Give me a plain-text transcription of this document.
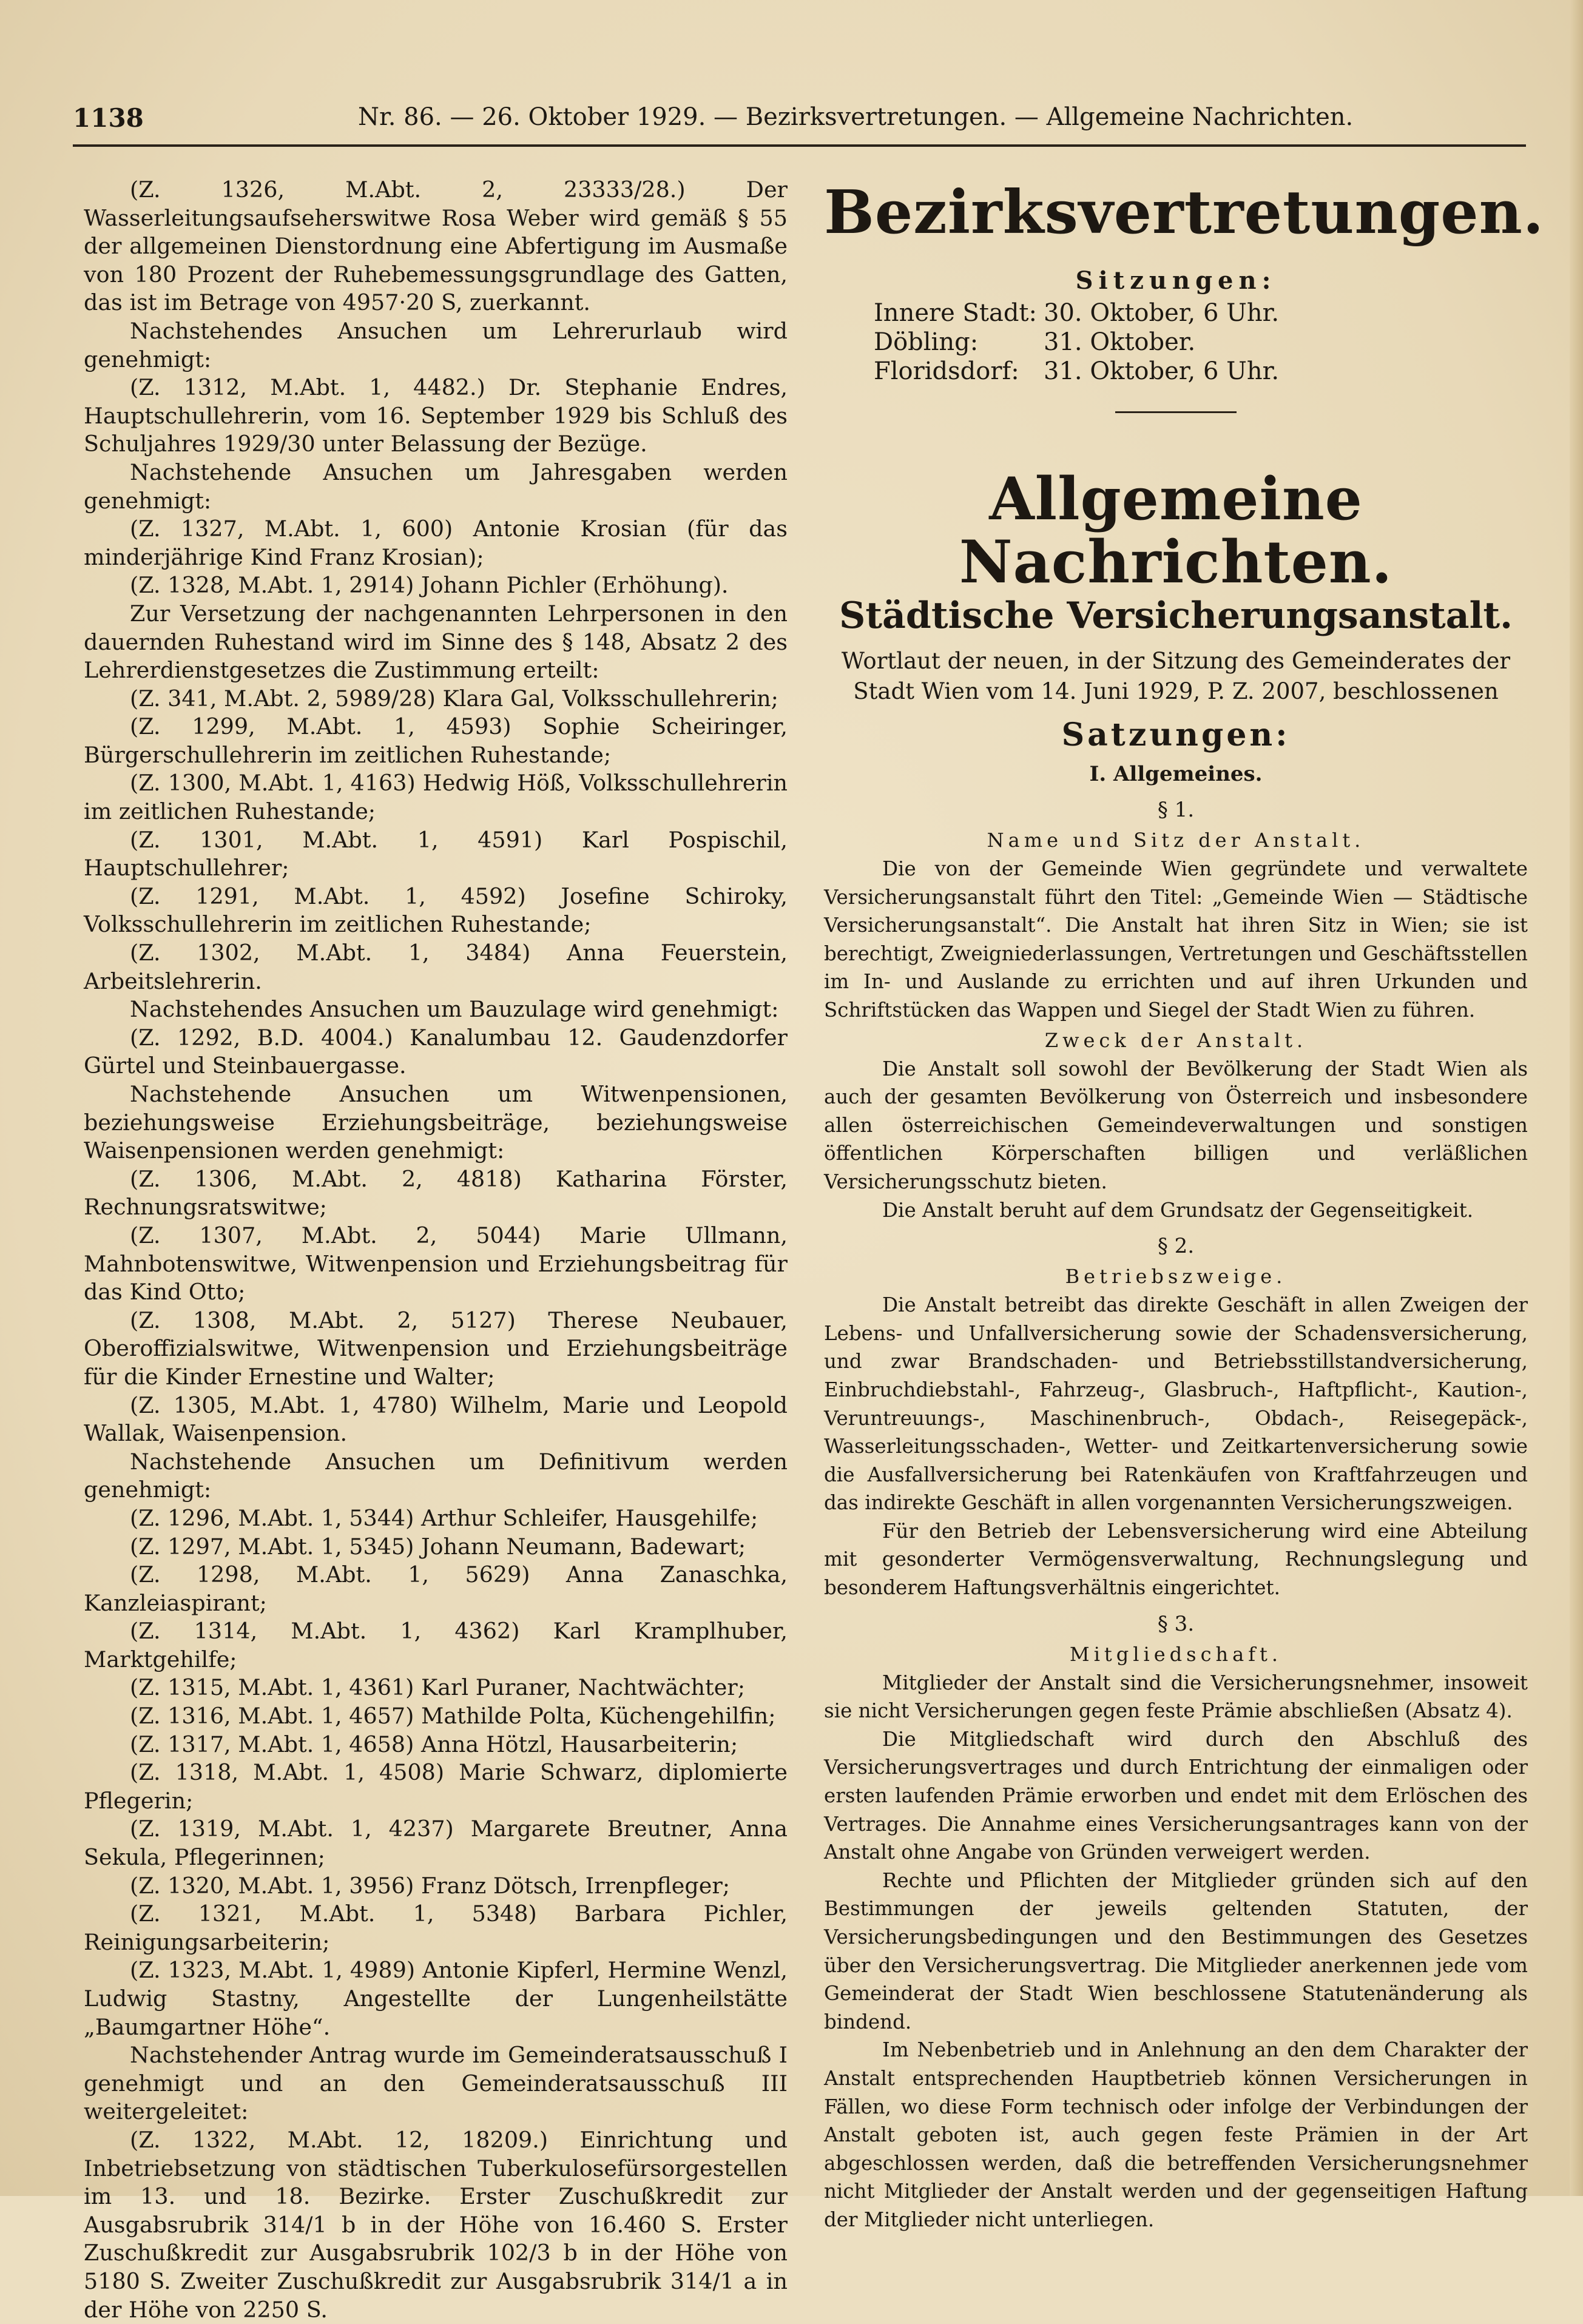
1138	Nr. 86. — 26. Oktober 1929. — Bezirksvertretungen. — Allgemeine Nachrichten.

(Z. 1326, M.Abt. 2, 23333/28.) Der Wasserleitungsaufseherswitwe Rosa Weber wird gemäß § 55 der allgemeinen Dienstordnung eine Abfertigung im Ausmaße von 180 Prozent der Ruhebemessungsgrundlage des Gatten, das ist im Betrage von 4957·20 S, zuerkannt.

Nachstehendes Ansuchen um Lehrerurlaub wird genehmigt:

(Z. 1312, M.Abt. 1, 4482.) Dr. Stephanie Endres, Hauptschullehrerin, vom 16. September 1929 bis Schluß des Schuljahres 1929/30 unter Belassung der Bezüge.

Nachstehende Ansuchen um Jahresgaben werden genehmigt:

(Z. 1327, M.Abt. 1, 600) Antonie Krosian (für das minderjährige Kind Franz Krosian);

(Z. 1328, M.Abt. 1, 2914) Johann Pichler (Erhöhung).

Zur Versetzung der nachgenannten Lehrpersonen in den dauernden Ruhestand wird im Sinne des § 148, Absatz 2 des Lehrerdienstgesetzes die Zustimmung erteilt:

(Z. 341, M.Abt. 2, 5989/28) Klara Gal, Volksschullehrerin;

(Z. 1299, M.Abt. 1, 4593) Sophie Scheiringer, Bürgerschullehrerin im zeitlichen Ruhestande;

(Z. 1300, M.Abt. 1, 4163) Hedwig Höß, Volksschullehrerin im zeitlichen Ruhestande;

(Z. 1301, M.Abt. 1, 4591) Karl Pospischil, Hauptschullehrer;

(Z. 1291, M.Abt. 1, 4592) Josefine Schiroky, Volksschullehrerin im zeitlichen Ruhestande;

(Z. 1302, M.Abt. 1, 3484) Anna Feuerstein, Arbeitslehrerin.

Nachstehendes Ansuchen um Bauzulage wird genehmigt:

(Z. 1292, B.D. 4004.) Kanalumbau 12. Gaudenzdorfer Gürtel und Steinbauergasse.

Nachstehende Ansuchen um Witwenpensionen, beziehungsweise Erziehungsbeiträge, beziehungsweise Waisenpensionen werden genehmigt:

(Z. 1306, M.Abt. 2, 4818) Katharina Förster, Rechnungsratswitwe;

(Z. 1307, M.Abt. 2, 5044) Marie Ullmann, Mahnbotenswitwe, Witwenpension und Erziehungsbeitrag für das Kind Otto;

(Z. 1308, M.Abt. 2, 5127) Therese Neubauer, Oberoffizialswitwe, Witwenpension und Erziehungsbeiträge für die Kinder Ernestine und Walter;

(Z. 1305, M.Abt. 1, 4780) Wilhelm, Marie und Leopold Wallak, Waisenpension.

Nachstehende Ansuchen um Definitivum werden genehmigt:

(Z. 1296, M.Abt. 1, 5344) Arthur Schleifer, Hausgehilfe;

(Z. 1297, M.Abt. 1, 5345) Johann Neumann, Badewart;

(Z. 1298, M.Abt. 1, 5629) Anna Zanaschka, Kanzleiaspirant;

(Z. 1314, M.Abt. 1, 4362) Karl Kramplhuber, Marktgehilfe;

(Z. 1315, M.Abt. 1, 4361) Karl Puraner, Nachtwächter;

(Z. 1316, M.Abt. 1, 4657) Mathilde Polta, Küchengehilfin;

(Z. 1317, M.Abt. 1, 4658) Anna Hötzl, Hausarbeiterin;

(Z. 1318, M.Abt. 1, 4508) Marie Schwarz, diplomierte Pflegerin;

(Z. 1319, M.Abt. 1, 4237) Margarete Breutner, Anna Sekula, Pflegerinnen;

(Z. 1320, M.Abt. 1, 3956) Franz Dötsch, Irrenpfleger;

(Z. 1321, M.Abt. 1, 5348) Barbara Pichler, Reinigungsarbeiterin;

(Z. 1323, M.Abt. 1, 4989) Antonie Kipferl, Hermine Wenzl, Ludwig Stastny, Angestellte der Lungenheilstätte „Baumgartner Höhe“.

Nachstehender Antrag wurde im Gemeinderatsausschuß I genehmigt und an den Gemeinderatsausschuß III weitergeleitet:

(Z. 1322, M.Abt. 12, 18209.) Einrichtung und Inbetriebsetzung von städtischen Tuberkulosefürsorgestellen im 13. und 18. Bezirke. Erster Zuschußkredit zur Ausgabsrubrik 314/1 b in der Höhe von 16.460 S. Erster Zuschußkredit zur Ausgabsrubrik 102/3 b in der Höhe von 5180 S. Zweiter Zuschußkredit zur Ausgabsrubrik 314/1 a in der Höhe von 2250 S.

Bezirksvertretungen.
Sitzungen:
Innere Stadt:	30. Oktober, 6 Uhr.
Döbling:	31. Oktober.
Floridsdorf:	31. Oktober, 6 Uhr.
Allgemeine Nachrichten.
Städtische Versicherungsanstalt.
Wortlaut der neuen, in der Sitzung des Gemeinderates der Stadt Wien vom 14. Juni 1929, P. Z. 2007, beschlossenen
Satzungen:
I. Allgemeines.
§ 1.
Name und Sitz der Anstalt.

Die von der Gemeinde Wien gegründete und verwaltete Versicherungsanstalt führt den Titel: „Gemeinde Wien — Städtische Versicherungsanstalt“. Die Anstalt hat ihren Sitz in Wien; sie ist berechtigt, Zweigniederlassungen, Vertretungen und Geschäftsstellen im In- und Auslande zu errichten und auf ihren Urkunden und Schriftstücken das Wappen und Siegel der Stadt Wien zu führen.

Zweck der Anstalt.

Die Anstalt soll sowohl der Bevölkerung der Stadt Wien als auch der gesamten Bevölkerung von Österreich und insbesondere allen österreichischen Gemeindeverwaltungen und sonstigen öffentlichen Körperschaften billigen und verläßlichen Versicherungsschutz bieten.

Die Anstalt beruht auf dem Grundsatz der Gegenseitigkeit.

§ 2.
Betriebszweige.

Die Anstalt betreibt das direkte Geschäft in allen Zweigen der Lebens- und Unfallversicherung sowie der Schadensversicherung, und zwar Brandschaden- und Betriebsstillstandversicherung, Einbruchdiebstahl-, Fahrzeug-, Glasbruch-, Haftpflicht-, Kaution-, Veruntreuungs-, Maschinenbruch-, Obdach-, Reisegepäck-, Wasserleitungsschaden-, Wetter- und Zeitkartenversicherung sowie die Ausfallversicherung bei Ratenkäufen von Kraftfahrzeugen und das indirekte Geschäft in allen vorgenannten Versicherungszweigen.

Für den Betrieb der Lebensversicherung wird eine Abteilung mit gesonderter Vermögensverwaltung, Rechnungslegung und besonderem Haftungsverhältnis eingerichtet.

§ 3.
Mitgliedschaft.

Mitglieder der Anstalt sind die Versicherungsnehmer, insoweit sie nicht Versicherungen gegen feste Prämie abschließen (Absatz 4).

Die Mitgliedschaft wird durch den Abschluß des Versicherungsvertrages und durch Entrichtung der einmaligen oder ersten laufenden Prämie erworben und endet mit dem Erlöschen des Vertrages. Die Annahme eines Versicherungsantrages kann von der Anstalt ohne Angabe von Gründen verweigert werden.

Rechte und Pflichten der Mitglieder gründen sich auf den Bestimmungen der jeweils geltenden Statuten, der Versicherungsbedingungen und den Bestimmungen des Gesetzes über den Versicherungsvertrag. Die Mitglieder anerkennen jede vom Gemeinderat der Stadt Wien beschlossene Statutenänderung als bindend.

Im Nebenbetrieb und in Anlehnung an den dem Charakter der Anstalt entsprechenden Hauptbetrieb können Versicherungen in Fällen, wo diese Form technisch oder infolge der Verbindungen der Anstalt geboten ist, auch gegen feste Prämien in der Art abgeschlossen werden, daß die betreffenden Versicherungsnehmer nicht Mitglieder der Anstalt werden und der gegenseitigen Haftung der Mitglieder nicht unterliegen.
